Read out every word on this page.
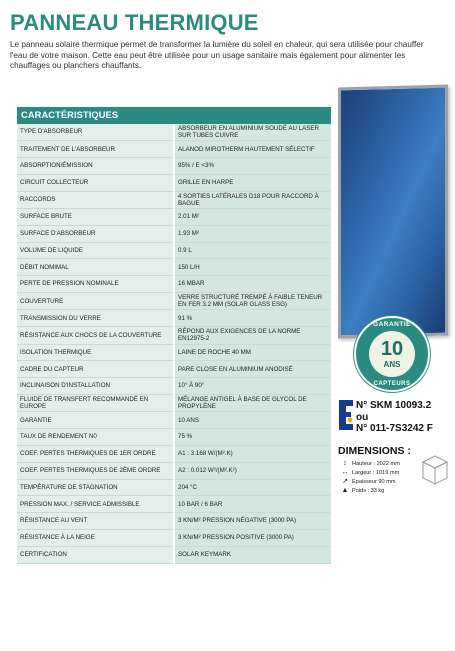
PANNEAU THERMIQUE

Le panneau solaire thermique permet de transformer la lumière du soleil en chaleur, qui sera utilisée pour chauffer l'eau de votre maison. Cette eau peut être utilisée pour un usage sanitaire mais également pour alimenter les chauffages ou planchers chauffants.

CARACTÉRISTIQUES	
TYPE D'ABSORBEUR	ABSORBEUR EN ALUMINIUM SOUDÉ AU LASER SUR TUBES CUIVRE
TRAITEMENT DE L'ABSORBEUR	ALANOD MIROTHERM HAUTEMENT SÉLECTIF
ABSORPTION/ÉMISSION	95% / E <3%
CIRCUIT COLLECTEUR	GRILLE EN HARPE
RACCORDS	4 SORTIES LATÉRALES D18 POUR RACCORD À BAGUE
SURFACE BRUTE	2.01 M²
SURFACE D'ABSORBEUR	1.93 M²
VOLUME DE LIQUIDE	0.9 L
DÉBIT NOMIMAL	150 L/H
PERTE DE PRESSION NOMINALE	16 MBAR
COUVERTURE	VERRE STRUCTURÉ TREMPÉ À FAIBLE TENEUR EN FER 3.2 MM (SOLAR GLASS ESG)
TRANSMISSION DU VERRE	91 %
RÉSISTANCE AUX CHOCS DE LA COUVERTURE	RÉPOND AUX EXIGENCES DE LA NORME EN12975-2
ISOLATION THERMIQUE	LAINE DE ROCHE 40 MM
CADRE DU CAPTEUR	PARE CLOSE EN ALUMINIUM ANODISÉ
INCLINAISON D'INSTALLATION	10° À 90°
FLUIDE DE TRANSFERT RECOMMANDÉ EN EUROPE	MÉLANGE ANTIGEL À BASE DE GLYCOL DE PROPYLÈNE
GARANTIE	10 ANS
TAUX DE RENDEMENT N0	75 %
COEF. PERTES THERMIQUES DE 1ER ORDRE	A1 : 3.168 W/(M².K)
COEF. PERTES THERMIQUES DE 2ÈME ORDRE	A2 : 0.012 W²/(M².K²)
TEMPÉRATURE DE STAGNATION	204 °C
PRESSION MAX. / SERVICE ADMISSIBLE	10 BAR / 6 BAR
RÉSISTANCE AU VENT	3 KN/M² PRESSION NÉGATIVE (3000 PA)
RÉSISTANCE À LA NEIGE	3 KN/M² PRESSION POSITIVE (3000 PA)
CERTIFICATION	SOLAR KEYMARK
GARANTIE
10
ANS
CAPTEURS
N° SKM 10093.2
ou
N° 011-7S3242 F
DIMENSIONS :
↕ Hauteur : 2022 mm
↔ Largeur : 1019 mm
↗ Épaisseur 90 mm
▲ Poids : 33 kg
